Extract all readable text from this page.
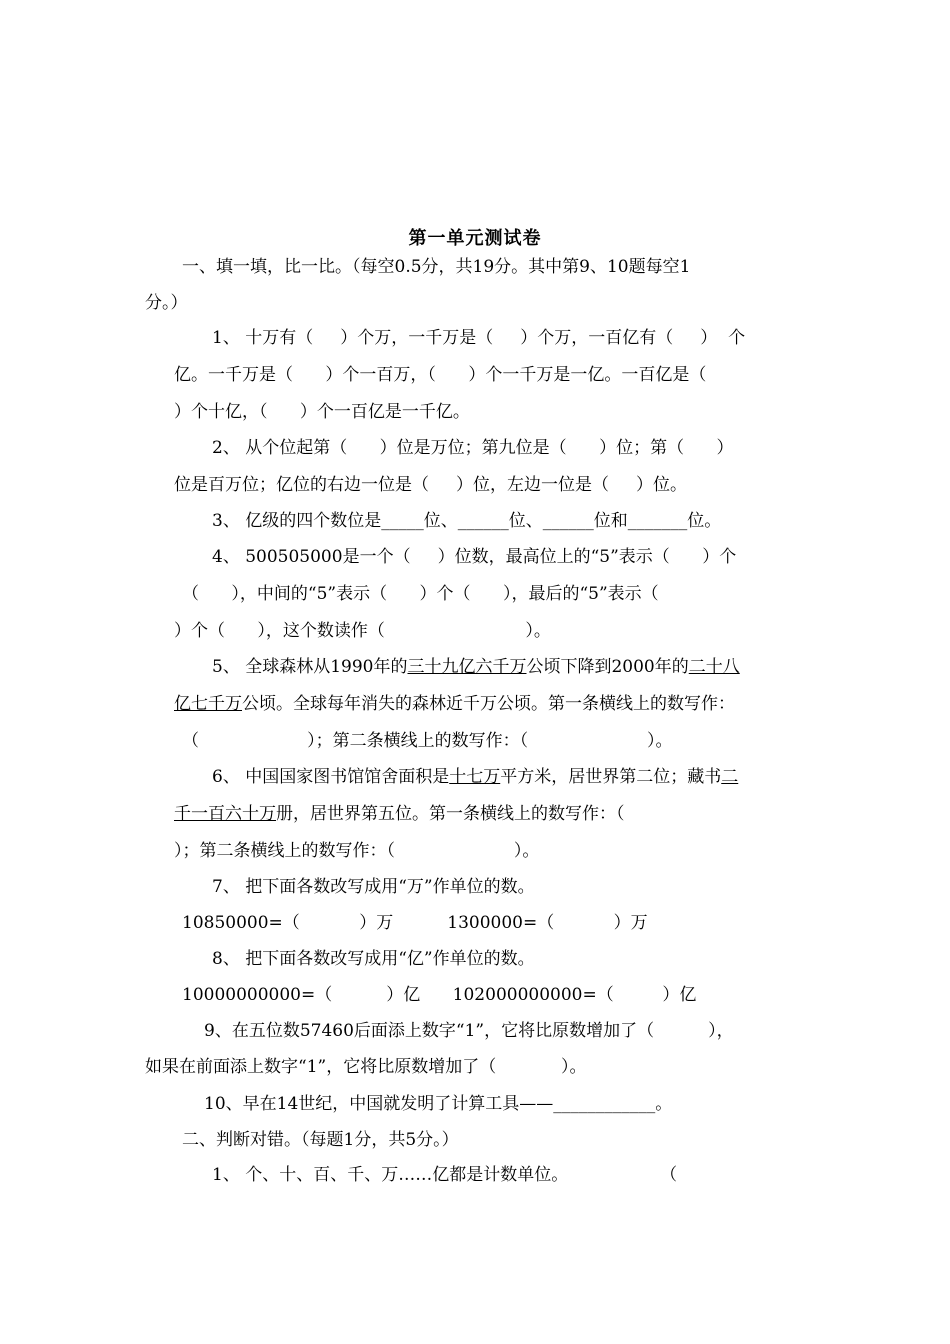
第一单元测试卷
一、填一填，比一比。（每空0.5分，共19分。其中第9、10题每空1
分。）
1、 十万有（     ）个万，一千万是（     ）个万，一百亿有（     ）  个
亿。一千万是（      ）个一百万，（      ）个一千万是一亿。一百亿是（
）个十亿，（      ）个一百亿是一千亿。
2、 从个位起第（      ）位是万位；第九位是（      ）位；第（      ）
位是百万位；亿位的右边一位是（     ）位，左边一位是（     ）位。
3、 亿级的四个数位是_____位、______位、______位和_______位。
4、 500505000是一个（     ）位数，最高位上的“5”表示（      ）个
（      ），中间的“5”表示（      ）个（      ），最后的“5”表示（
）个（      ），这个数读作（                          ）。
5、 全球森林从1990年的三十九亿六千万公顷下降到2000年的二十八
亿七千万公顷。全球每年消失的森林近千万公顷。第一条横线上的数写作：
（                    ）；第二条横线上的数写作：（                      ）。
6、 中国国家图书馆馆舍面积是十七万平方米，居世界第二位；藏书二
千一百六十万册，居世界第五位。第一条横线上的数写作：（
）；第二条横线上的数写作：（                      ）。
7、 把下面各数改写成用“万”作单位的数。
10850000=（           ）万          1300000=（           ）万
8、 把下面各数改写成用“亿”作单位的数。
10000000000=（          ）亿      102000000000=（         ）亿
9、在五位数57460后面添上数字“1”，它将比原数增加了（          ），
如果在前面添上数字“1”，它将比原数增加了（            ）。
10、早在14世纪，中国就发明了计算工具——____________。
二、判断对错。（每题1分，共5分。）
1、 个、十、百、千、万……亿都是计数单位。                 （
